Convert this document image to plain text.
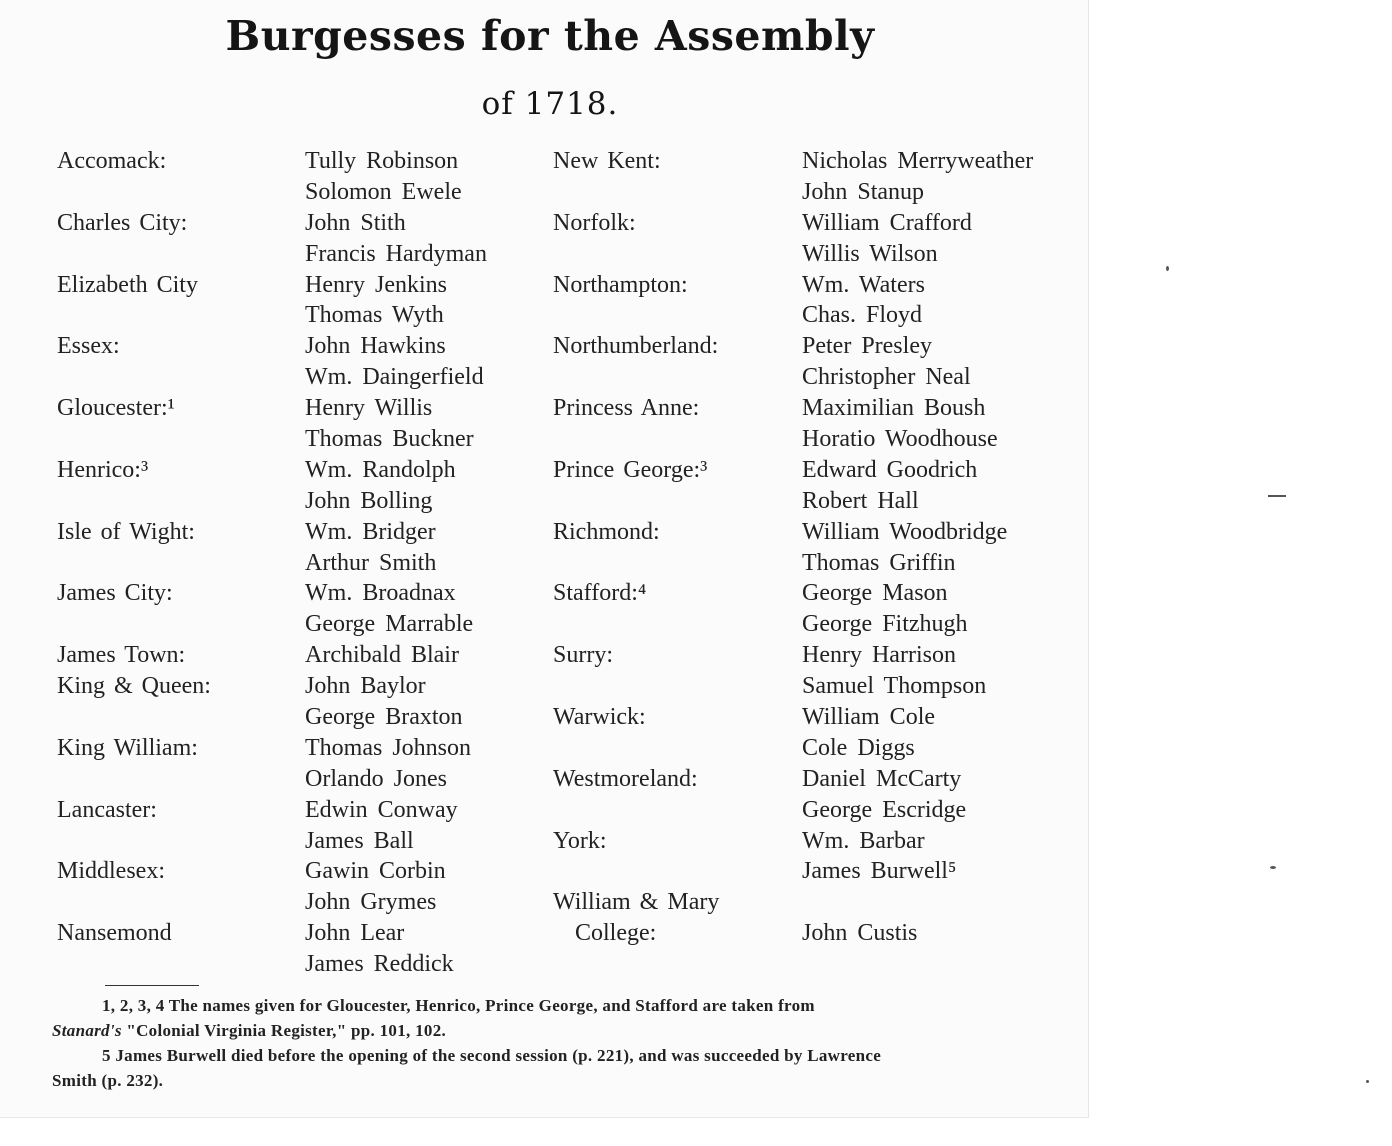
Burgesses for the Assembly
of 1718.
Accomack:
Charles City:
Elizabeth City
Essex:
Gloucester:¹
Henrico:³
Isle of Wight:
James City:
James Town:
King & Queen:
King William:
Lancaster:
Middlesex:
Nansemond
Tully Robinson
Solomon Ewele
John Stith
Francis Hardyman
Henry Jenkins
Thomas Wyth
John Hawkins
Wm. Daingerfield
Henry Willis
Thomas Buckner
Wm. Randolph
John Bolling
Wm. Bridger
Arthur Smith
Wm. Broadnax
George Marrable
Archibald Blair
John Baylor
George Braxton
Thomas Johnson
Orlando Jones
Edwin Conway
James Ball
Gawin Corbin
John Grymes
John Lear
James Reddick
New Kent:
Norfolk:
Northampton:
Northumberland:
Princess Anne:
Prince George:³
Richmond:
Stafford:⁴
Surry:
Warwick:
Westmoreland:
York:
William & Mary
College:
Nicholas Merryweather
John Stanup
William Crafford
Willis Wilson
Wm. Waters
Chas. Floyd
Peter Presley
Christopher Neal
Maximilian Boush
Horatio Woodhouse
Edward Goodrich
Robert Hall
William Woodbridge
Thomas Griffin
George Mason
George Fitzhugh
Henry Harrison
Samuel Thompson
William Cole
Cole Diggs
Daniel McCarty
George Escridge
Wm. Barbar
James Burwell⁵
John Custis
1, 2, 3, 4 The names given for Gloucester, Henrico, Prince George, and Stafford are taken from
Stanard's "Colonial Virginia Register," pp. 101, 102.
5 James Burwell died before the opening of the second session (p. 221), and was succeeded by Lawrence
Smith (p. 232).
